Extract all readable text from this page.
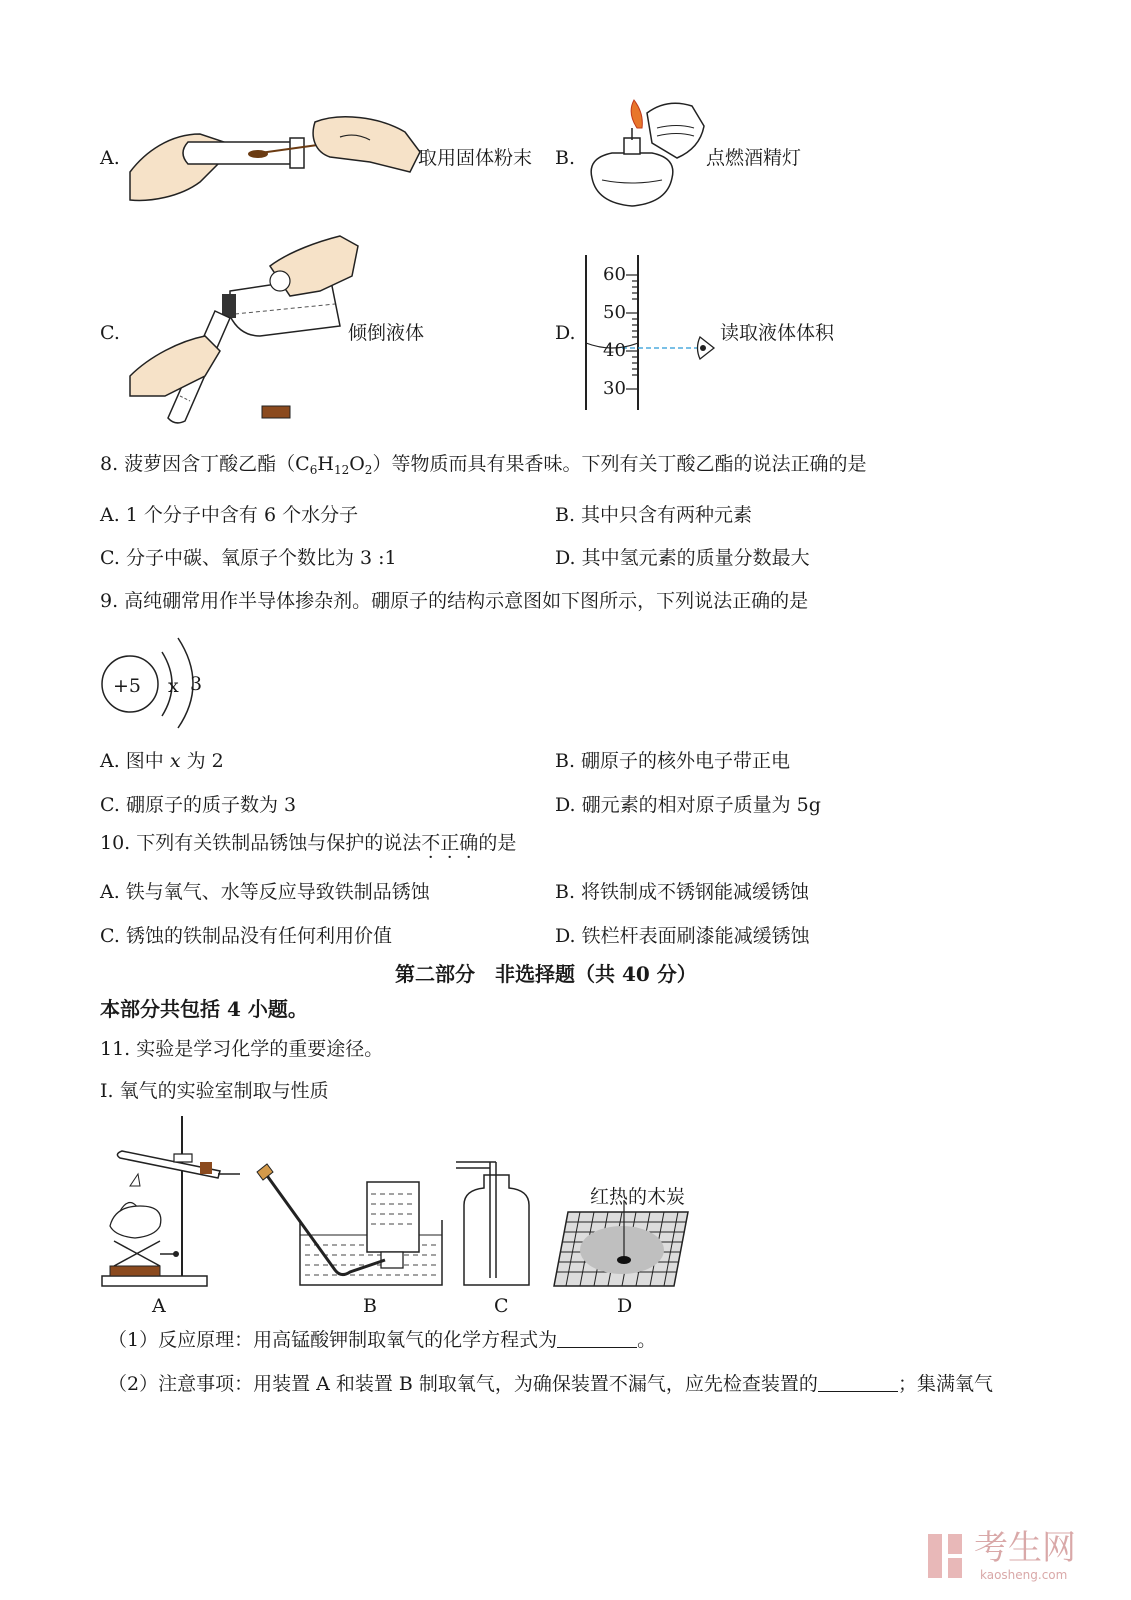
A.	取用固体粉末 B.	点燃酒精灯
C.	倾倒液体	D.
60
50
40
30
读取液体体积
8. 菠萝因含丁酸乙酯$(C_6H_{12}O_2)$等物质而具有果香味。下列有关丁酸乙酯的说法正确的是
A. 1 个分子中含有 6 个水分子	B. 其中只含有两种元素
C. 分子中碳、氧原子个数比为 3 :1	D. 其中氢元素的质量分数最大
9. 高纯硼常用作半导体掺杂剂。硼原子的结构示意图如下图所示，下列说法正确的是
+5 x 3
A. 图中 x 为 2	B. 硼原子的核外电子带正电
C. 硼原子的质子数为 3	D. 硼元素的相对原子质量为 5g
10. 下列有关铁制品锈蚀与保护的说法不正确的是
A. 铁与氧气、水等反应导致铁制品锈蚀	B. 将铁制成不锈钢能减缓锈蚀
C. 锈蚀的铁制品没有任何利用价值	D. 铁栏杆表面刷漆能减缓锈蚀
第二部分　非选择题（共 40 分）
本部分共包括 4 小题。
11. 实验是学习化学的重要途径。
I. 氧气的实验室制取与性质
红热的木炭
A	B	C	D
（1）反应原理：用高锰酸钾制取氧气的化学方程式为	。
（2）注意事项：用装置 A 和装置 B 制取氧气，为确保装置不漏气，应先检查装置的	；集满氧气
考生网
kaosheng.com
